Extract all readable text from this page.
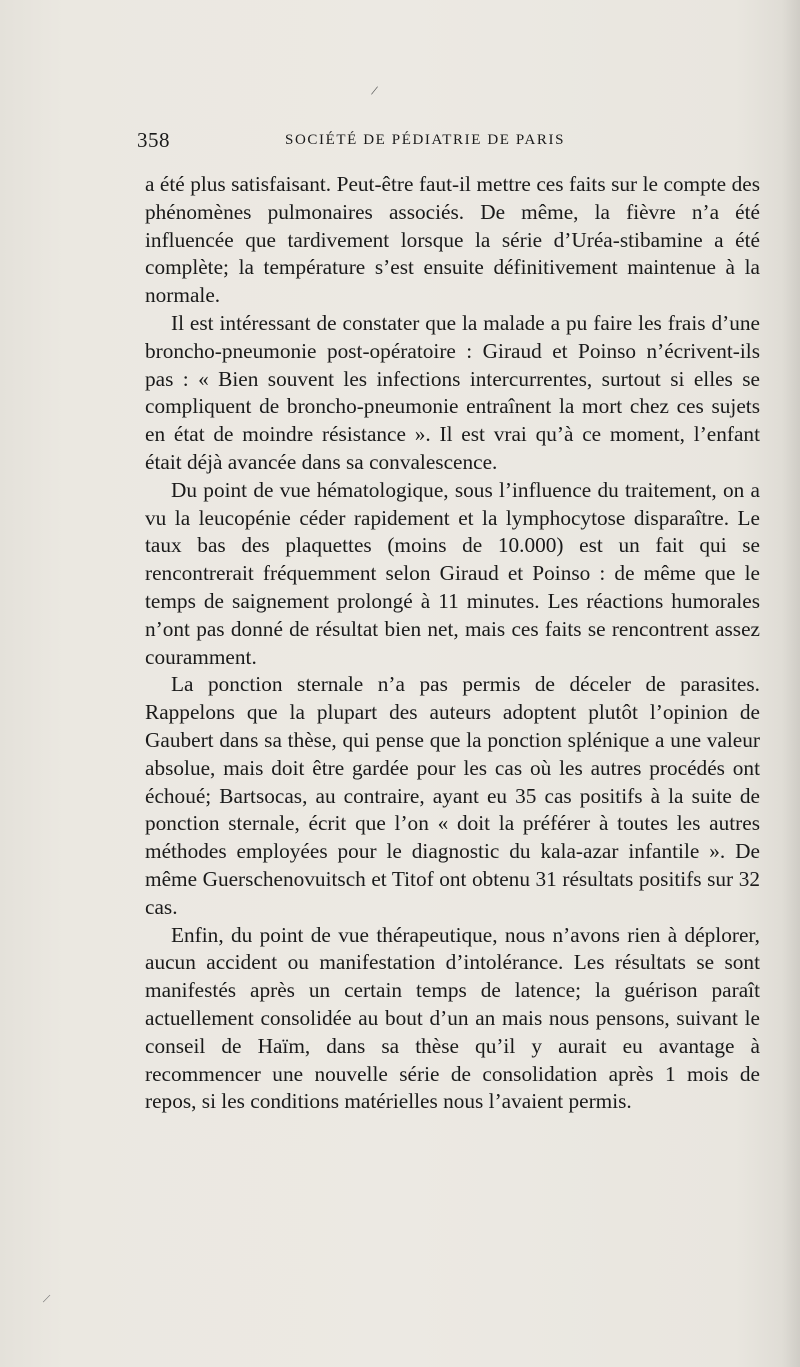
/
358	SOCIÉTÉ DE PÉDIATRIE DE PARIS

a été plus satisfaisant. Peut-être faut-il mettre ces faits sur le compte des phénomènes pulmonaires associés. De même, la fièvre n’a été influencée que tardivement lorsque la série d’Uréa-stibamine a été complète; la température s’est ensuite définitivement maintenue à la normale.

Il est intéressant de constater que la malade a pu faire les frais d’une broncho-pneumonie post-opératoire : Giraud et Poinso n’écrivent-ils pas : « Bien souvent les infections intercurrentes, surtout si elles se compliquent de broncho-pneumonie entraînent la mort chez ces sujets en état de moindre résistance ». Il est vrai qu’à ce moment, l’enfant était déjà avancée dans sa convalescence.

Du point de vue hématologique, sous l’influence du traitement, on a vu la leucopénie céder rapidement et la lymphocytose disparaître. Le taux bas des plaquettes (moins de 10.000) est un fait qui se rencontrerait fréquemment selon Giraud et Poinso : de même que le temps de saignement prolongé à 11 minutes. Les réactions humorales n’ont pas donné de résultat bien net, mais ces faits se rencontrent assez couramment.

La ponction sternale n’a pas permis de déceler de parasites. Rappelons que la plupart des auteurs adoptent plutôt l’opinion de Gaubert dans sa thèse, qui pense que la ponction splénique a une valeur absolue, mais doit être gardée pour les cas où les autres procédés ont échoué; Bartsocas, au contraire, ayant eu 35 cas positifs à la suite de ponction sternale, écrit que l’on « doit la préférer à toutes les autres méthodes employées pour le diagnostic du kala-azar infantile ». De même Guerschenovuitsch et Titof ont obtenu 31 résultats positifs sur 32 cas.

Enfin, du point de vue thérapeutique, nous n’avons rien à déplorer, aucun accident ou manifestation d’intolérance. Les résultats se sont manifestés après un certain temps de latence; la guérison paraît actuellement consolidée au bout d’un an mais nous pensons, suivant le conseil de Haïm, dans sa thèse qu’il y aurait eu avantage à recommencer une nouvelle série de consolidation après 1 mois de repos, si les conditions matérielles nous l’avaient permis.

/
